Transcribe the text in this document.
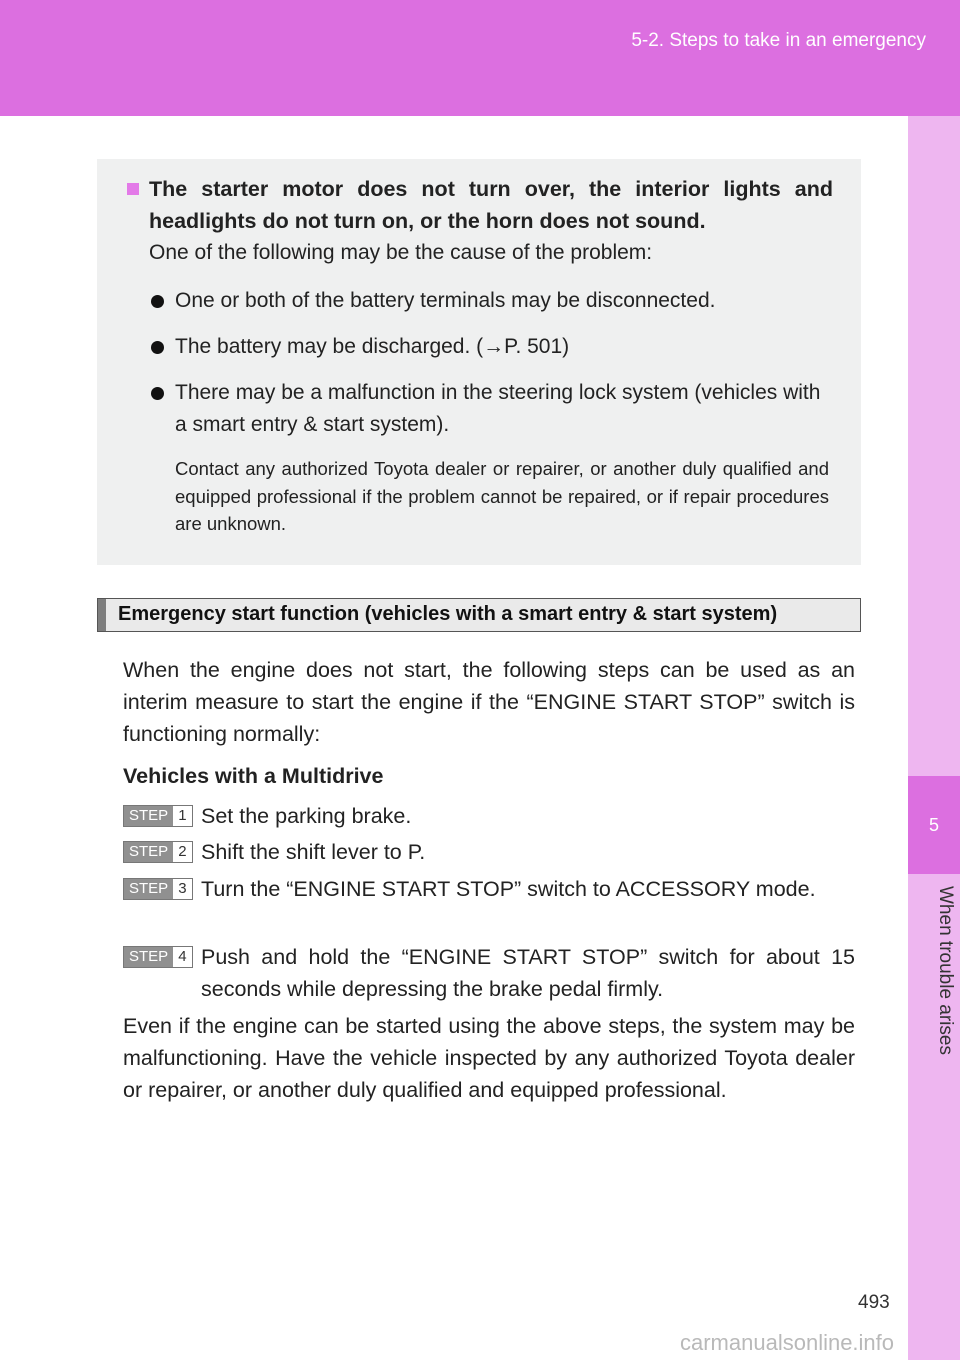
5-2. Steps to take in an emergency
5
When trouble arises
The starter motor does not turn over, the interior lights and headlights do not turn on, or the horn does not sound.
One of the following may be the cause of the problem:
One or both of the battery terminals may be disconnected.
The battery may be discharged. (→P. 501)
There may be a malfunction in the steering lock system (vehicles with a smart entry & start system).
Contact any authorized Toyota dealer or repairer, or another duly qualified and equipped professional if the problem cannot be repaired, or if repair procedures are unknown.
Emergency start function (vehicles with a smart entry & start system)
When the engine does not start, the following steps can be used as an interim measure to start the engine if the “ENGINE START STOP” switch is functioning normally:
Vehicles with a Multidrive
STEP 1 Set the parking brake.
STEP 2 Shift the shift lever to P.
STEP 3 Turn the “ENGINE START STOP” switch to ACCESSORY mode.
STEP 4 Push and hold the “ENGINE START STOP” switch for about 15 seconds while depressing the brake pedal firmly.
Even if the engine can be started using the above steps, the system may be malfunctioning. Have the vehicle inspected by any authorized Toyota dealer or repairer, or another duly qualified and equipped professional.
493
carmanualsonline.info
